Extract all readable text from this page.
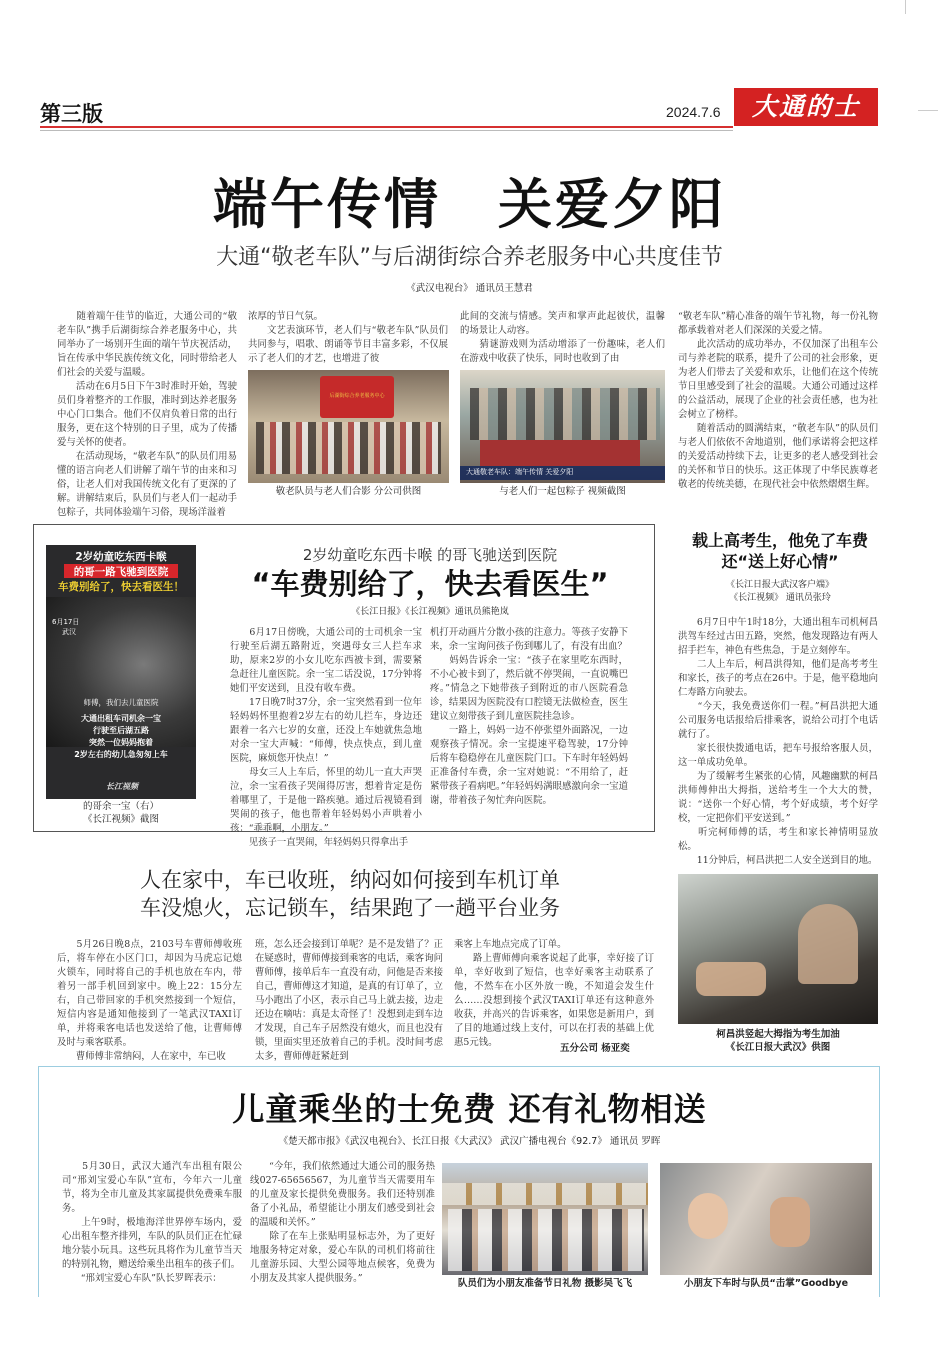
第三版	2024.7.6	大通的士
端午传情　关爱夕阳
大通“敬老车队”与后湖街综合养老服务中心共度佳节
《武汉电视台》 通讯员王慧君

　　随着端午佳节的临近，大通公司的“敬老车队”携手后湖街综合养老服务中心，共同举办了一场别开生面的端午节庆祝活动，旨在传承中华民族传统文化，同时带给老人们社会的关爱与温暖。
　　活动在6月5日下午3时准时开始，驾驶员们身着整齐的工作服，准时到达养老服务中心门口集合。他们不仅肩负着日常的出行服务，更在这个特别的日子里，成为了传播爱与关怀的使者。
　　在活动现场，“敬老车队”的队员们用易懂的语言向老人们讲解了端午节的由来和习俗，让老人们对我国传统文化有了更深的了解。讲解结束后，队员们与老人们一起动手包粽子，共同体验端午习俗，现场洋溢着

浓厚的节日气氛。
　　文艺表演环节，老人们与“敬老车队”队员们共同参与，唱歌、朗诵等节目丰富多彩，不仅展示了老人们的才艺，也增进了彼

此间的交流与情感。笑声和掌声此起彼伏，温馨的场景让人动容。
　　猜谜游戏则为活动增添了一份趣味，老人们在游戏中收获了快乐，同时也收到了由

“敬老车队”精心准备的端午节礼物，每一份礼物都承载着对老人们深深的关爱之情。
　　此次活动的成功举办，不仅加深了出租车公司与养老院的联系，提升了公司的社会形象，更为老人们带去了关爱和欢乐，让他们在这个传统节日里感受到了社会的温暖。大通公司通过这样的公益活动，展现了企业的社会责任感，也为社会树立了榜样。
　　随着活动的圆满结束，“敬老车队”的队员们与老人们依依不舍地道别，他们承诺将会把这样的关爱活动持续下去，让更多的老人感受到社会的关怀和节日的快乐。这正体现了中华民族尊老敬老的传统美德，在现代社会中依然熠熠生辉。

后湖街综合养老服务中心
敬老队员与老人们合影 分公司供图
大通敬老车队：端午传情 关爱夕阳
与老人们一起包粽子 视频截图
2岁幼童吃东西卡喉
的哥一路飞驰到医院
车费别给了，快去看医生！
6月17日
武汉
师傅，我们去儿童医院
大通出租车司机余一宝
行驶至后湖五路
突然一位妈妈抱着
2岁左右的幼儿急匆匆上车
长江视频
的哥余一宝（右）
《长江视频》截图
2岁幼童吃东西卡喉 的哥飞驰送到医院
“车费别给了，快去看医生”
《长江日报》《长江视频》通讯员熊艳岚

　　6月17日傍晚，大通公司的士司机余一宝行驶至后湖五路附近，突遇母女三人拦车求助，原来2岁的小女儿吃东西被卡到，需要紧急赶往儿童医院。余一宝二话没说，17分钟将她们平安送到，且没有收车费。
　　17日晚7时37分，余一宝突然看到一位年轻妈妈怀里抱着2岁左右的幼儿拦车，身边还跟着一名六七岁的女童，还没上车她就焦急地对余一宝大声喊：“师傅，快点快点，到儿童医院，麻烦您开快点！”
　　母女三人上车后，怀里的幼儿一直大声哭泣，余一宝看孩子哭闹得厉害，想着肯定是伤着哪里了，于是他一路疾驰。通过后视镜看到哭闹的孩子，他也帮着年轻妈妈小声哄着小孩：“乖乖啊，小朋友。”
　　见孩子一直哭闹，年轻妈妈只得拿出手

机打开动画片分散小孩的注意力。等孩子安静下来，余一宝询问孩子伤到哪儿了，有没有出血？
　　妈妈告诉余一宝：“孩子在家里吃东西时，不小心被卡到了，然后就不停哭闹，一直说嘴巴疼。”情急之下她带孩子到附近的市八医院看急诊，结果因为医院没有口腔镜无法做检查，医生建议立刻带孩子到儿童医院挂急诊。
　　一路上，妈妈一边不停张望外面路况，一边观察孩子情况。余一宝提速平稳驾驶，17分钟后将车稳稳停在儿童医院门口。下车时年轻妈妈正准备付车费，余一宝对她说：“不用给了，赶紧带孩子看病吧。”年轻妈妈满眼感激向余一宝道谢，带着孩子匆忙奔向医院。

载上高考生，他免了车费
还“送上好心情”
《长江日报大武汉客户端》
《长江视频》 通讯员张玲

　　6月7日中午1时18分，大通出租车司机柯昌洪驾车经过古田五路，突然，他发现路边有两人招手拦车，神色有些焦急，于是立刻停车。
　　二人上车后，柯昌洪得知，他们是高考考生和家长，孩子的考点在26中。于是，他平稳地向仁寿路方向驶去。
　　“今天，我免费送你们一程。”柯昌洪把大通公司服务电话报给后排乘客，说给公司打个电话就行了。
　　家长很快拨通电话，把车号报给客服人员，这一单成功免单。
　　为了缓解考生紧张的心情，风趣幽默的柯昌洪师傅伸出大拇指，送给考生一个大大的赞，说：“送你一个好心情，考个好成绩，考个好学校，一定把你们平安送到。”
　　听完柯师傅的话，考生和家长神情明显放松。
　　11分钟后，柯昌洪把二人安全送到目的地。

柯昌洪竖起大拇指为考生加油
《长江日报大武汉》供图
人在家中，车已收班，纳闷如何接到车机订单
车没熄火，忘记锁车，结果跑了一趟平台业务

　　5月26日晚8点，2103号车曹师傅收班后，将车停在小区门口，却因为马虎忘记熄火锁车，同时将自己的手机也放在车内，带着另一部手机回到家中。晚上22：15分左右，自己带回家的手机突然接到一个短信，短信内容是通知他接到了一笔武汉TAXI订单，并将乘客电话也发送给了他，让曹师傅及时与乘客联系。
　　曹师傅非常纳闷，人在家中，车已收

班，怎么还会接到订单呢？是不是发错了？正在疑惑时，曹师傅接到乘客的电话，乘客询问曹师傅，接单后车一直没有动，问他是否来接自己，曹师傅这才知道，是真的有订单了，立马小跑出了小区，表示自己马上就去接，边走还边在嘀咕：真是太奇怪了！没想到走到车边才发现，自己车子居然没有熄火，而且也没有锁，里面实里还放着自己的手机。没时间考虑太多，曹师傅赶紧赶到

乘客上车地点完成了订单。
　　路上曹师傅向乘客说起了此事，幸好接了订单，幸好收到了短信，也幸好乘客主动联系了他，不然车在小区外放一晚，不知道会发生什么……没想到接个武汉TAXI订单还有这种意外收获，并高兴的告诉乘客，如果您是新用户，到了目的地通过线上支付，可以在打表的基础上优惠5元钱。

五分公司 杨亚奕
儿童乘坐的士免费 还有礼物相送
《楚天都市报》《武汉电视台》、长江日报《大武汉》 武汉广播电视台《92.7》 通讯员 罗晖

　　5月30日，武汉大通汽车出租有限公司“邢刘宝爱心车队”宣布，今年六一儿童节，将为全市儿童及其家属提供免费乘车服务。
　　上午9时，极地海洋世界停车场内，爱心出租车整齐排列，车队的队员们正在忙碌地分装小玩具。这些玩具将作为儿童节当天的特别礼物，赠送给乘坐出租车的孩子们。
　　“邢刘宝爱心车队”队长罗晖表示：

　　“今年，我们依然通过大通公司的服务热线027-65656567，为儿童节当天需要用车的儿童及家长提供免费服务。我们还特别准备了小礼品，希望能让小朋友们感受到社会的温暖和关怀。”
　　除了在车上张贴明显标志外，为了更好地服务特定对象，爱心车队的司机们将前往儿童游乐园、大型公园等地点候客，免费为小朋友及其家人提供服务。”	队员们为小朋友准备节日礼物 摄影吴飞飞	小朋友下车时与队员“击掌”Goodbye
